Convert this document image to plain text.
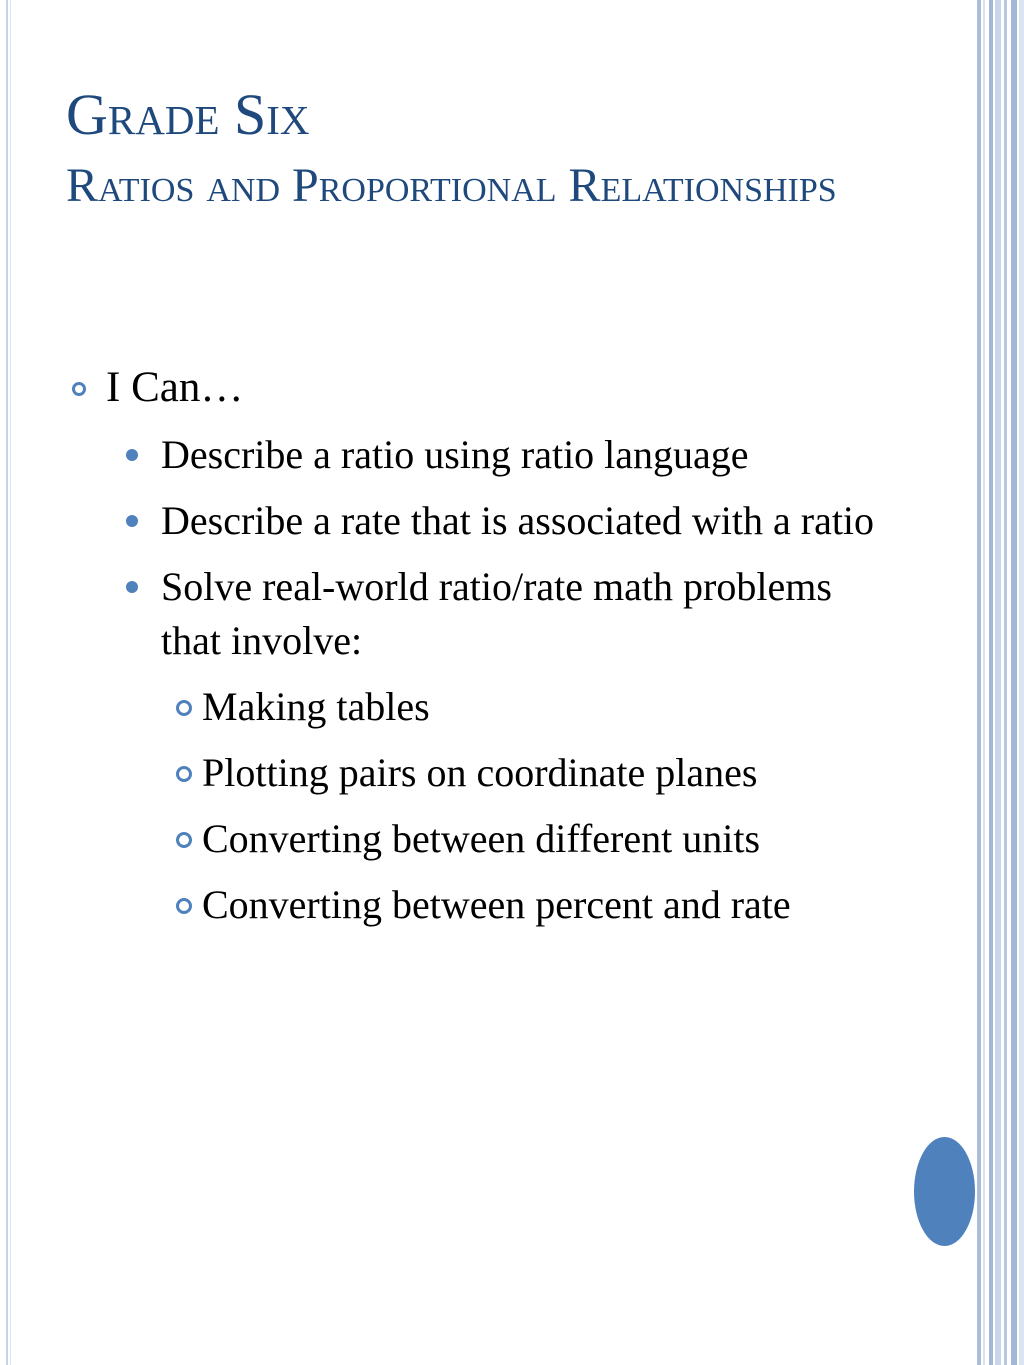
Grade Six
Ratios and Proportional Relationships
I Can…
Describe a ratio using ratio language
Describe a rate that is associated with a ratio
Solve real-world ratio/rate math problems that involve:
Making tables
Plotting pairs on coordinate planes
Converting between different units
Converting between percent and rate
